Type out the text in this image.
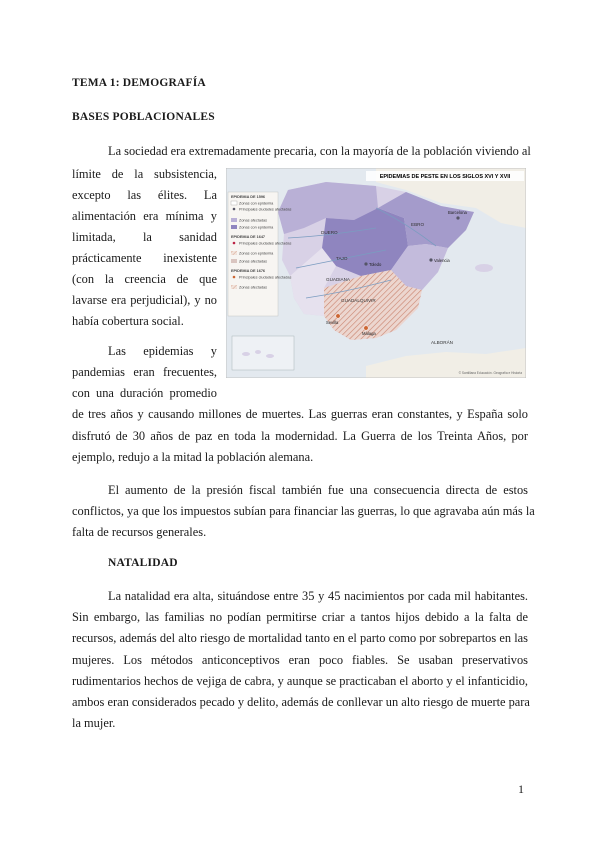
TEMA 1: DEMOGRAFÍA
BASES POBLACIONALES
La sociedad era extremadamente precaria, con la mayoría de la población viviendo al
límite de la subsistencia,
excepto las élites. La
alimentación era mínima y
limitada, la sanidad
prácticamente inexistente
(con la creencia de que
lavarse era perjudicial), y no
había cobertura social.
Las epidemias y
pandemias eran frecuentes,
con una duración promedio
de tres años y causando millones de muertes. Las guerras eran constantes, y España solo
disfrutó de 30 años de paz en toda la modernidad. La Guerra de los Treinta Años, por
ejemplo, redujo a la mitad la población alemana.
El aumento de la presión fiscal también fue una consecuencia directa de estos
conflictos, ya que los impuestos subían para financiar las guerras, lo que agravaba aún más la
falta de recursos generales.
NATALIDAD
La natalidad era alta, situándose entre 35 y 45 nacimientos por cada mil habitantes.
Sin embargo, las familias no podían permitirse criar a tantos hijos debido a la falta de
recursos, además del alto riesgo de mortalidad tanto en el parto como por sobrepartos en las
mujeres. Los métodos anticonceptivos eran poco fiables. Se usaban preservativos
rudimentarios hechos de vejiga de cabra, y aunque se practicaban el aborto y el infanticidio,
ambos eran considerados pecado y delito, además de conllevar un alto riesgo de muerte para
la mujer.
1
EPIDEMIAS DE PESTE EN LOS SIGLOS XVI Y XVII
EPIDEMIA DE 1596
Zonas con epidemia
Principales ciudades afectadas
Zonas afectadas
Zonas con epidemia
EPIDEMIA DE 1647
Principales ciudades afectadas
Zonas con epidemia
Zonas afectadas
EPIDEMIA DE 1676
Principales ciudades afectadas
Zonas afectadas
DUERO
TAJO
EBRO
GUADIANA
GUADALQUIVIR
ALBORÁN
Toledo
Sevilla
Málaga
Valencia
Barcelona
© Santillana Educación. Geografía e Historia
